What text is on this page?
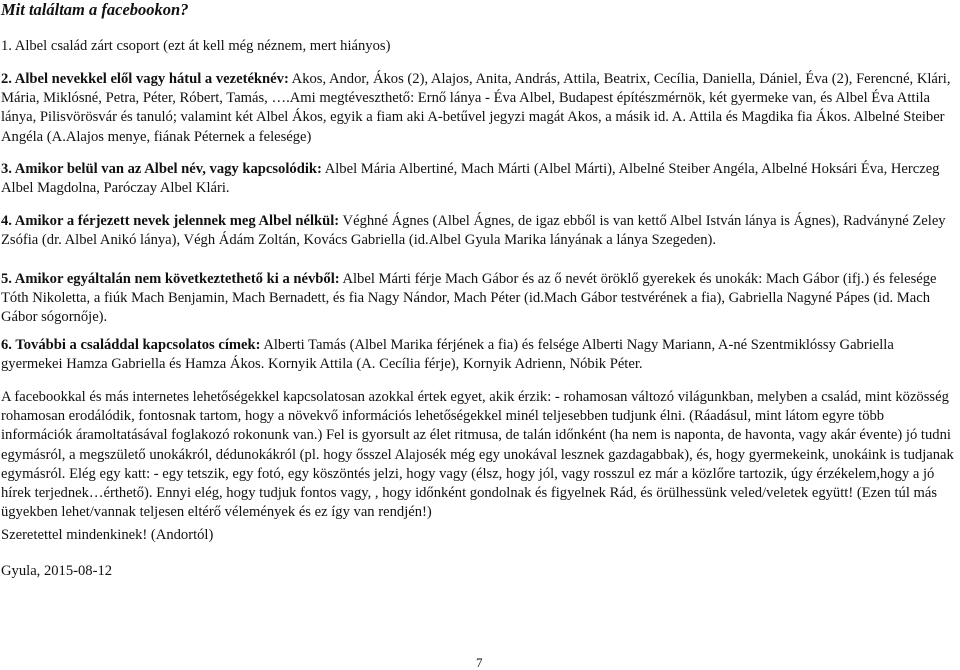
Mit találtam a facebookon?

1. Albel család zárt csoport (ezt át kell még néznem, mert hiányos)

2. Albel nevekkel elől vagy hátul a vezetéknév: Akos, Andor, Ákos (2), Alajos, Anita, András, Attila, Beatrix, Cecília, Daniella, Dániel, Éva (2), Ferencné, Klári, Mária, Miklósné, Petra, Péter, Róbert, Tamás, ….Ami megtéveszthető: Ernő lánya - Éva Albel, Budapest építészmérnök, két gyermeke van, és Albel Éva Attila lánya, Pilisvörösvár és tanuló; valamint két Albel Ákos, egyik a fiam aki A-betűvel jegyzi magát Akos, a másik id. A. Attila és Magdika fia Ákos. Albelné Steiber Angéla (A.Alajos menye, fiának Péternek a felesége)

3. Amikor belül van az Albel név, vagy kapcsolódik: Albel Mária Albertiné, Mach Márti (Albel Márti), Albelné Steiber Angéla, Albelné Hoksári Éva, Herczeg Albel Magdolna, Paróczay Albel Klári.

4. Amikor a férjezett nevek jelennek meg Albel nélkül: Véghné Ágnes (Albel Ágnes, de igaz ebből is van kettő Albel István lánya is Ágnes), Radványné Zeley Zsófia (dr. Albel Anikó lánya), Végh Ádám Zoltán, Kovács Gabriella (id.Albel Gyula Marika lányának a lánya Szegeden).

5. Amikor egyáltalán nem következtethető ki a névből: Albel Márti férje Mach Gábor és az ő nevét öröklő gyerekek és unokák: Mach Gábor (ifj.) és felesége Tóth Nikoletta, a fiúk Mach Benjamin, Mach Bernadett, és fia Nagy Nándor, Mach Péter (id.Mach Gábor testvérének a fia), Gabriella Nagyné Pápes (id. Mach Gábor sógornője).

6. További a családdal kapcsolatos címek: Alberti Tamás (Albel Marika férjének a fia) és felsége Alberti Nagy Mariann, A-né Szentmiklóssy Gabriella gyermekei Hamza Gabriella és Hamza Ákos. Kornyik Attila (A. Cecília férje), Kornyik Adrienn, Nóbik Péter.

A facebookkal és más internetes lehetőségekkel kapcsolatosan azokkal értek egyet, akik érzik: - rohamosan változó világunkban, melyben a család, mint közösség rohamosan erodálódik, fontosnak tartom, hogy a növekvő információs lehetőségekkel minél teljesebben tudjunk élni. (Ráadásul, mint látom egyre több információk áramoltatásával foglakozó rokonunk van.) Fel is gyorsult az élet ritmusa, de talán időnként (ha nem is naponta, de havonta, vagy akár évente) jó tudni egymásról, a megszülető unokákról, dédunokákról (pl. hogy ősszel Alajosék még egy unokával lesznek gazdagabbak), és, hogy gyermekeink, unokáink is tudjanak egymásról. Elég egy katt: - egy tetszik, egy fotó, egy köszöntés jelzi, hogy vagy (élsz, hogy jól, vagy rosszul ez már a közlőre tartozik, úgy érzékelem,hogy a jó hírek terjednek…érthető). Ennyi elég, hogy tudjuk fontos vagy, , hogy időnként gondolnak és figyelnek Rád, és örülhessünk veled/veletek együtt! (Ezen túl más ügyekben lehet/vannak teljesen eltérő vélemények és ez így van rendjén!)

Szeretettel mindenkinek! (Andortól)

Gyula, 2015-08-12

7
